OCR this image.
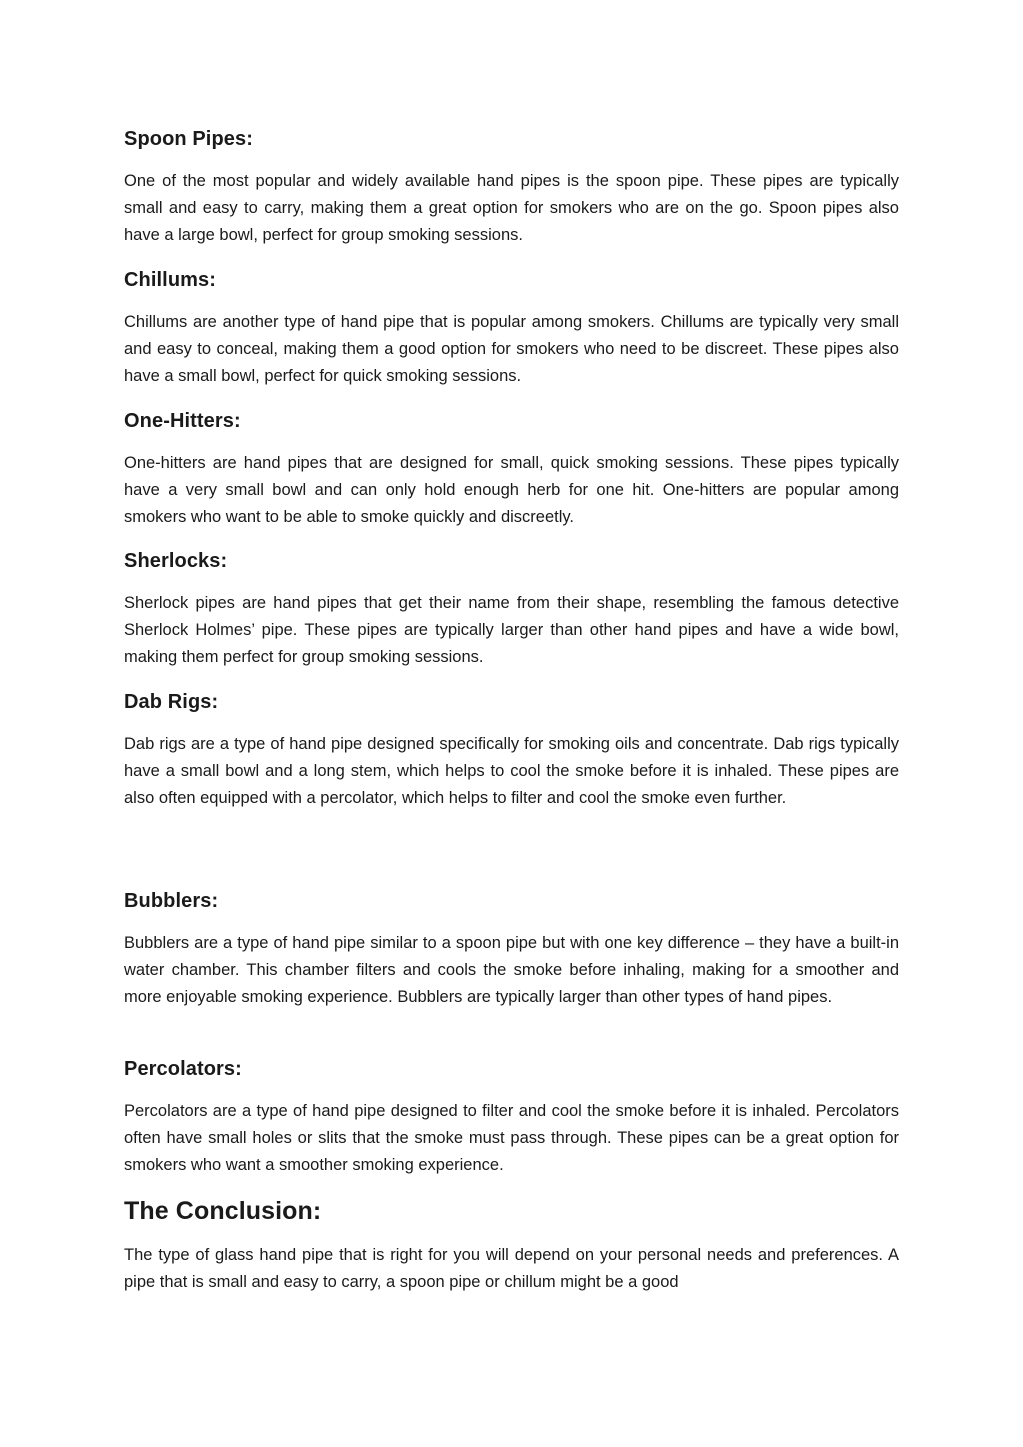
Spoon Pipes:

One of the most popular and widely available hand pipes is the spoon pipe. These pipes are typically small and easy to carry, making them a great option for smokers who are on the go. Spoon pipes also have a large bowl, perfect for group smoking sessions.

Chillums:

Chillums are another type of hand pipe that is popular among smokers. Chillums are typically very small and easy to conceal, making them a good option for smokers who need to be discreet. These pipes also have a small bowl, perfect for quick smoking sessions.

One-Hitters:

One-hitters are hand pipes that are designed for small, quick smoking sessions. These pipes typically have a very small bowl and can only hold enough herb for one hit. One-hitters are popular among smokers who want to be able to smoke quickly and discreetly.

Sherlocks:

Sherlock pipes are hand pipes that get their name from their shape, resembling the famous detective Sherlock Holmes’ pipe. These pipes are typically larger than other hand pipes and have a wide bowl, making them perfect for group smoking sessions.

Dab Rigs:

Dab rigs are a type of hand pipe designed specifically for smoking oils and concentrate. Dab rigs typically have a small bowl and a long stem, which helps to cool the smoke before it is inhaled. These pipes are also often equipped with a percolator, which helps to filter and cool the smoke even further.

Bubblers:

Bubblers are a type of hand pipe similar to a spoon pipe but with one key difference – they have a built-in water chamber. This chamber filters and cools the smoke before inhaling, making for a smoother and more enjoyable smoking experience. Bubblers are typically larger than other types of hand pipes.

Percolators:

Percolators are a type of hand pipe designed to filter and cool the smoke before it is inhaled. Percolators often have small holes or slits that the smoke must pass through. These pipes can be a great option for smokers who want a smoother smoking experience.

The Conclusion:

The type of glass hand pipe that is right for you will depend on your personal needs and preferences. A pipe that is small and easy to carry, a spoon pipe or chillum might be a good
